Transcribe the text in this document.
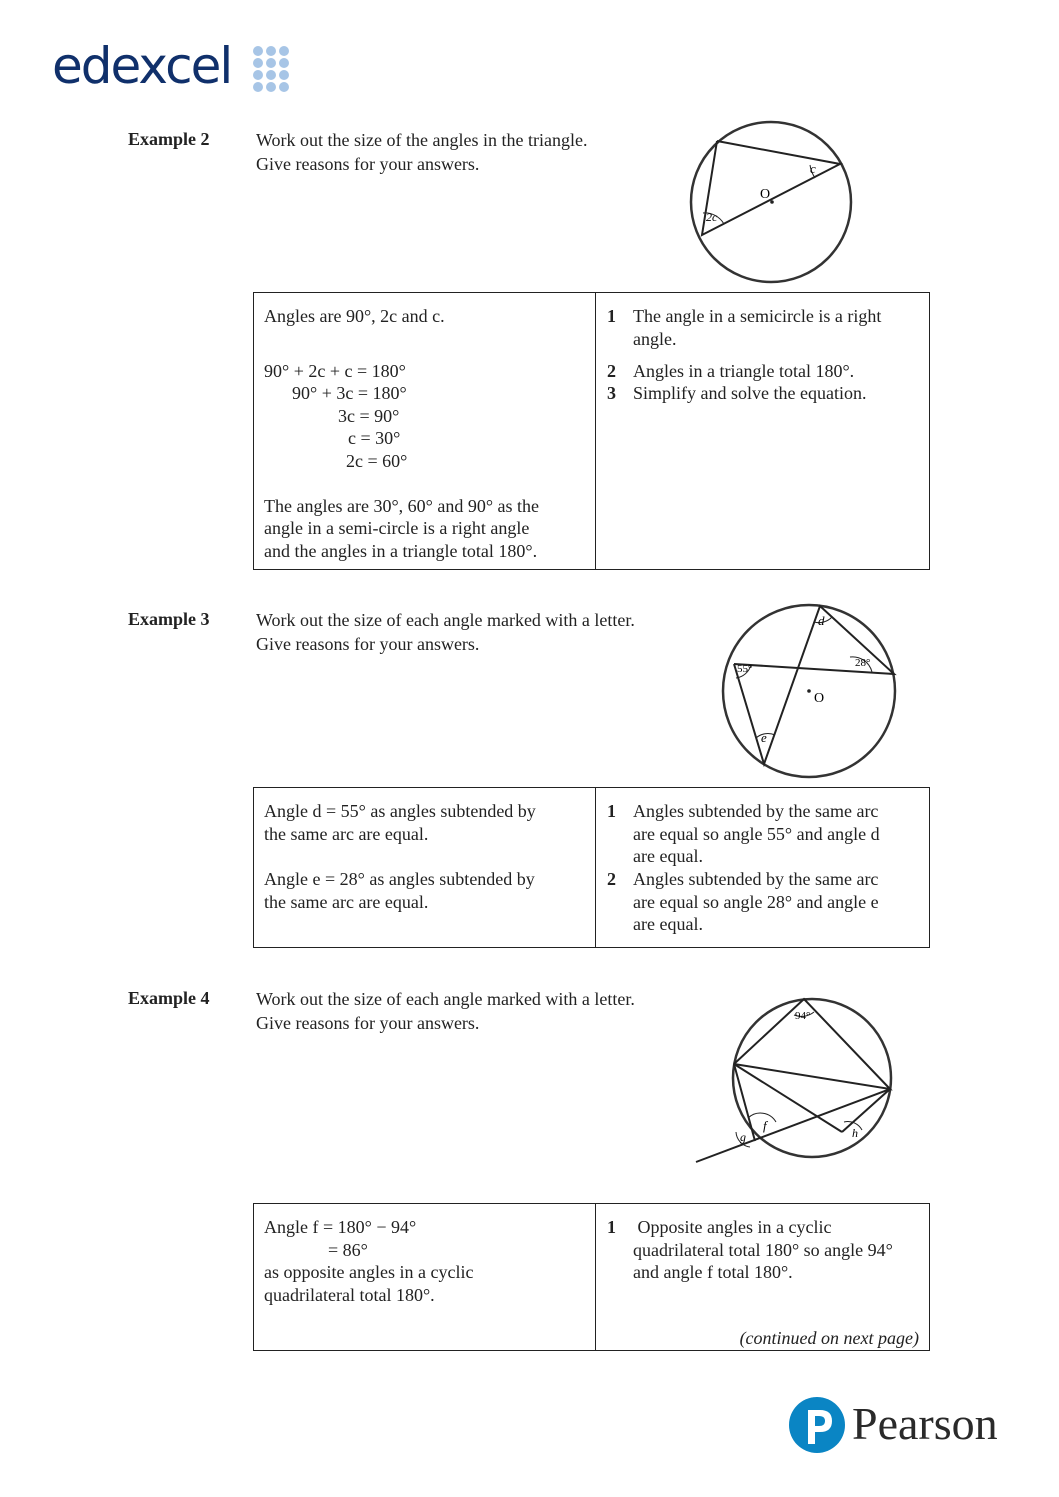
edexcel
Example 2	Work out the size of the angles in the triangle.
Give reasons for your answers.
O
c
2c
Angles are 90°, 2c and c.
90° + 2c + c = 180°
90° + 3c = 180°
3c = 90°
c = 30°
2c = 60°
The angles are 30°, 60° and 90° as the
angle in a semi-circle is a right angle
and the angles in a triangle total 180°.
1 The angle in a semicircle is a right
angle.
2 Angles in a triangle total 180°.
3 Simplify and solve the equation.
Example 3	Work out the size of each angle marked with a letter.
Give reasons for your answers.
O
d
55°	28°
e
Angle d = 55° as angles subtended by
the same arc are equal.
Angle e = 28° as angles subtended by
the same arc are equal.
1 Angles subtended by the same arc
are equal so angle 55° and angle d
are equal.
2 Angles subtended by the same arc
are equal so angle 28° and angle e
are equal.
Example 4	Work out the size of each angle marked with a letter.
Give reasons for your answers.	94°
g
f	h
Angle f = 180° − 94°
= 86°
as opposite angles in a cyclic
quadrilateral total 180°.
1 Opposite angles in a cyclic
quadrilateral total 180° so angle 94°
and angle f total 180°.
(continued on next page)
Pearson
